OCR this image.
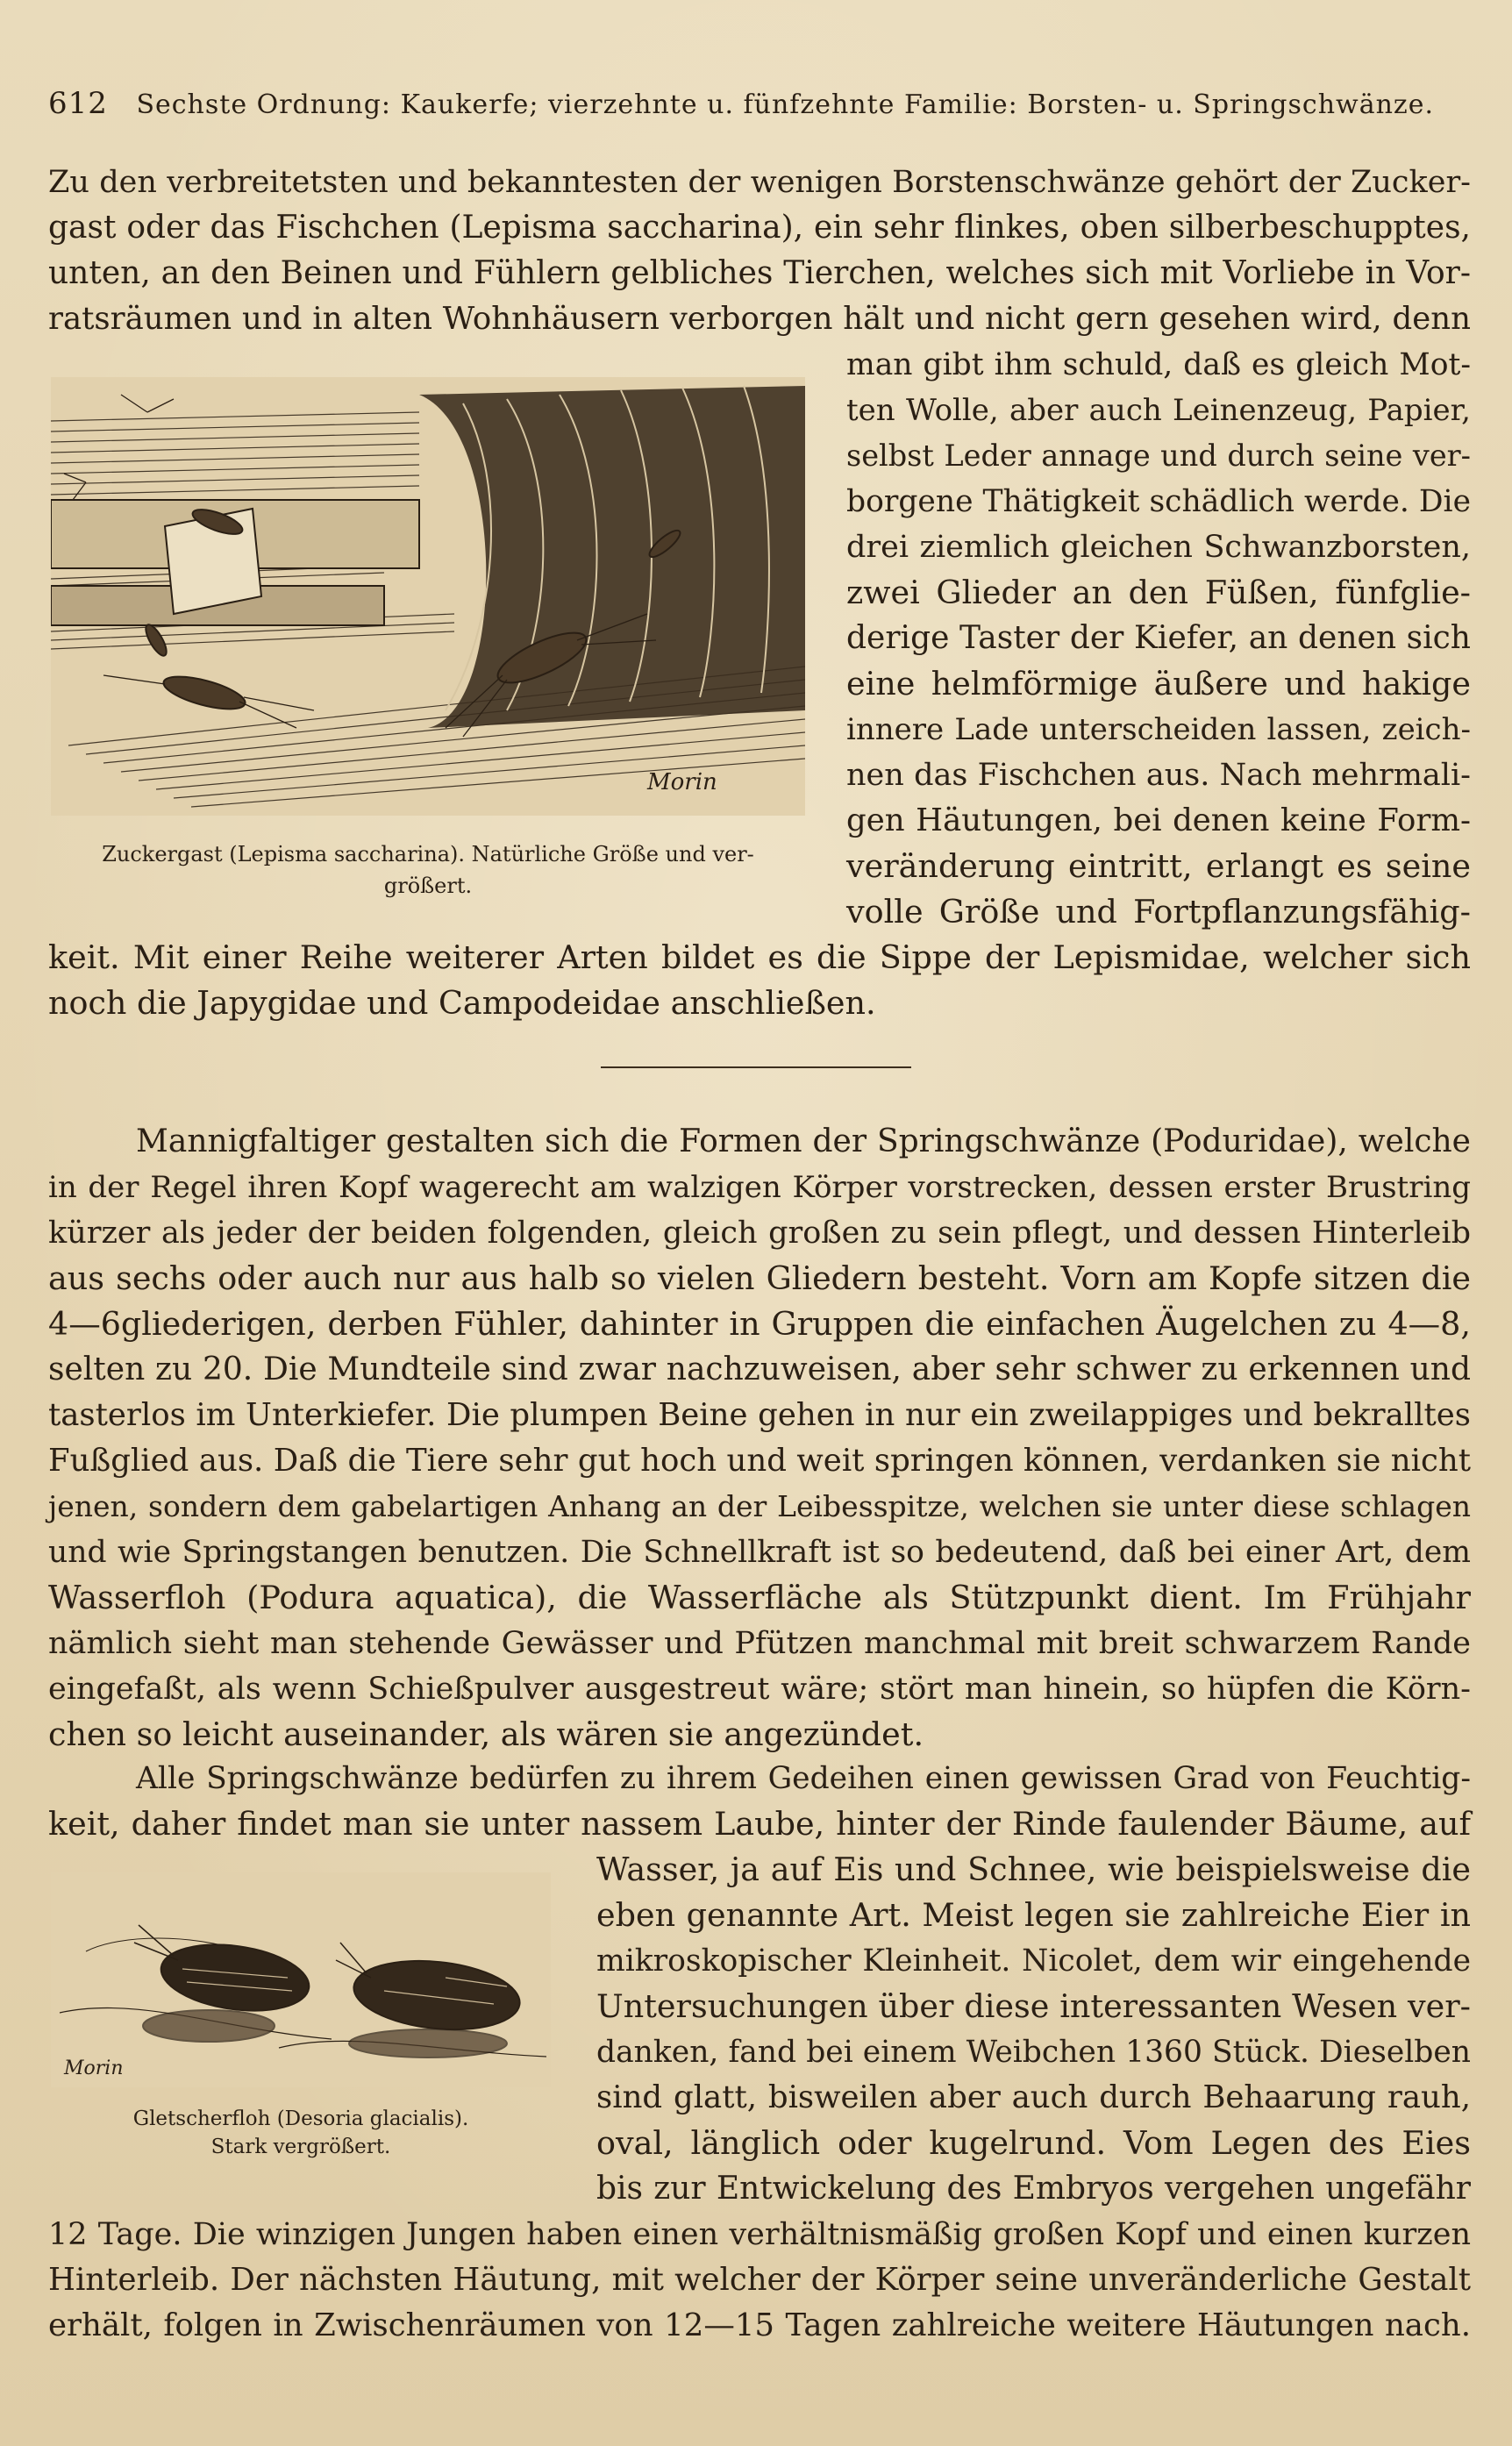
612 Sechste Ordnung: Kaukerfe; vierzehnte u. fünfzehnte Familie: Borsten- u. Springschwänze.
Zu den verbreitetsten und bekanntesten der wenigen Borstenschwänze gehört der Zucker-
gast oder das Fischchen (Lepisma saccharina), ein sehr flinkes, oben silberbeschupptes,
unten, an den Beinen und Fühlern gelbliches Tierchen, welches sich mit Vorliebe in Vor-
ratsräumen und in alten Wohnhäusern verborgen hält und nicht gern gesehen wird, denn
Morin
Zuckergast (Lepisma saccharina). Natürliche Größe und ver-
größert.
man gibt ihm schuld, daß es gleich Mot-
ten Wolle, aber auch Leinenzeug, Papier,
selbst Leder annage und durch seine ver-
borgene Thätigkeit schädlich werde. Die
drei ziemlich gleichen Schwanzborsten,
zwei Glieder an den Füßen, fünfglie-
derige Taster der Kiefer, an denen sich
eine helmförmige äußere und hakige
innere Lade unterscheiden lassen, zeich-
nen das Fischchen aus. Nach mehrmali-
gen Häutungen, bei denen keine Form-
veränderung eintritt, erlangt es seine
volle Größe und Fortpflanzungsfähig-
keit. Mit einer Reihe weiterer Arten bildet es die Sippe der Lepismidae, welcher sich
noch die Japygidae und Campodeidae anschließen.
Mannigfaltiger gestalten sich die Formen der Springschwänze (Poduridae), welche
in der Regel ihren Kopf wagerecht am walzigen Körper vorstrecken, dessen erster Brustring
kürzer als jeder der beiden folgenden, gleich großen zu sein pflegt, und dessen Hinterleib
aus sechs oder auch nur aus halb so vielen Gliedern besteht. Vorn am Kopfe sitzen die
4—6gliederigen, derben Fühler, dahinter in Gruppen die einfachen Äugelchen zu 4—8,
selten zu 20. Die Mundteile sind zwar nachzuweisen, aber sehr schwer zu erkennen und
tasterlos im Unterkiefer. Die plumpen Beine gehen in nur ein zweilappiges und bekralltes
Fußglied aus. Daß die Tiere sehr gut hoch und weit springen können, verdanken sie nicht
jenen, sondern dem gabelartigen Anhang an der Leibesspitze, welchen sie unter diese schlagen
und wie Springstangen benutzen. Die Schnellkraft ist so bedeutend, daß bei einer Art, dem
Wasserfloh (Podura aquatica), die Wasserfläche als Stützpunkt dient. Im Frühjahr
nämlich sieht man stehende Gewässer und Pfützen manchmal mit breit schwarzem Rande
eingefaßt, als wenn Schießpulver ausgestreut wäre; stört man hinein, so hüpfen die Körn-
chen so leicht auseinander, als wären sie angezündet.
Alle Springschwänze bedürfen zu ihrem Gedeihen einen gewissen Grad von Feuchtig-
keit, daher findet man sie unter nassem Laube, hinter der Rinde faulender Bäume, auf
Morin
Gletscherfloh (Desoria glacialis).
Stark vergrößert.
Wasser, ja auf Eis und Schnee, wie beispielsweise die
eben genannte Art. Meist legen sie zahlreiche Eier in
mikroskopischer Kleinheit. Nicolet, dem wir eingehende
Untersuchungen über diese interessanten Wesen ver-
danken, fand bei einem Weibchen 1360 Stück. Dieselben
sind glatt, bisweilen aber auch durch Behaarung rauh,
oval, länglich oder kugelrund. Vom Legen des Eies
bis zur Entwickelung des Embryos vergehen ungefähr
12 Tage. Die winzigen Jungen haben einen verhältnismäßig großen Kopf und einen kurzen
Hinterleib. Der nächsten Häutung, mit welcher der Körper seine unveränderliche Gestalt
erhält, folgen in Zwischenräumen von 12—15 Tagen zahlreiche weitere Häutungen nach.
